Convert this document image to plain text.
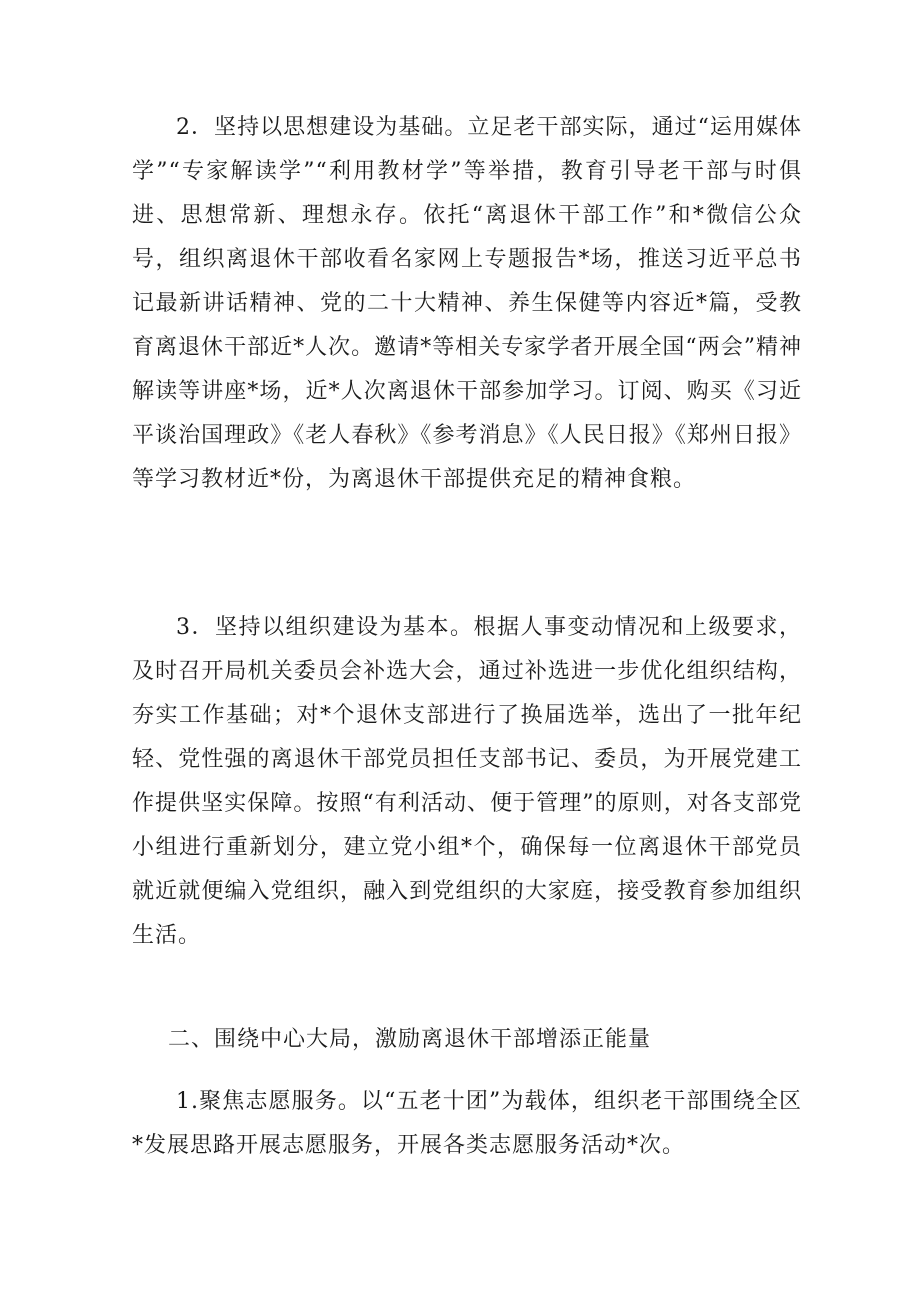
2．坚持以思想建设为基础。立足老干部实际，通过“运用媒体学”“专家解读学”“利用教材学”等举措，教育引导老干部与时俱进、思想常新、理想永存。依托“离退休干部工作”和*微信公众号，组织离退休干部收看名家网上专题报告*场，推送习近平总书记最新讲话精神、党的二十大精神、养生保健等内容近*篇，受教育离退休干部近*人次。邀请*等相关专家学者开展全国“两会”精神解读等讲座*场，近*人次离退休干部参加学习。订阅、购买《习近平谈治国理政》《老人春秋》《参考消息》《人民日报》《郑州日报》等学习教材近*份，为离退休干部提供充足的精神食粮。

3．坚持以组织建设为基本。根据人事变动情况和上级要求，及时召开局机关委员会补选大会，通过补选进一步优化组织结构，夯实工作基础；对*个退休支部进行了换届选举，选出了一批年纪轻、党性强的离退休干部党员担任支部书记、委员，为开展党建工作提供坚实保障。按照“有利活动、便于管理”的原则，对各支部党小组进行重新划分，建立党小组*个，确保每一位离退休干部党员就近就便编入党组织，融入到党组织的大家庭，接受教育参加组织生活。

二、围绕中心大局，激励离退休干部增添正能量

1.聚焦志愿服务。以“五老十团”为载体，组织老干部围绕全区*发展思路开展志愿服务，开展各类志愿服务活动*次。
